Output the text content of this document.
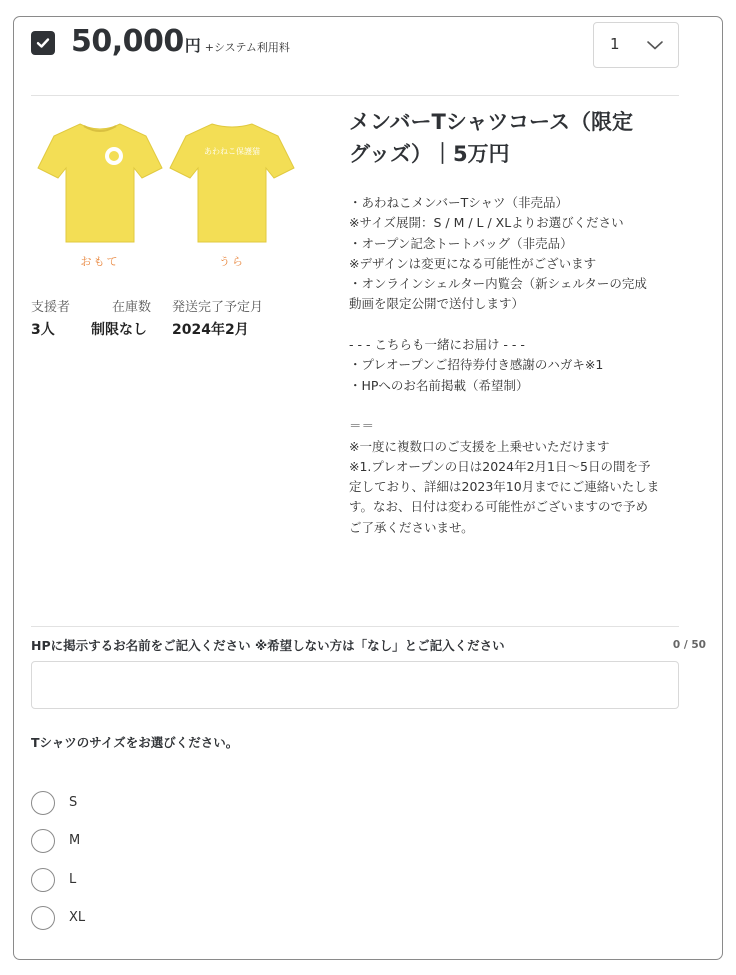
50,000円 +システム利用料	1
おもて
あわねこ保護猫
うら
支援者
3人
在庫数
制限なし
発送完了予定月
2024年2月
メンバーTシャツコース（限定
グッズ）｜5万円
・あわねこメンバーTシャツ（非売品）
※サイズ展開：S / M / L / XLよりお選びください
・オープン記念トートバッグ（非売品）
※デザインは変更になる可能性がございます
・オンラインシェルター内覧会（新シェルターの完成
動画を限定公開で送付します）
- - - こちらも一緒にお届け - - -
・プレオープンご招待券付き感謝のハガキ※1
・HPへのお名前掲載（希望制）
＝＝
※一度に複数口のご支援を上乗せいただけます
※1.プレオープンの日は2024年2月1日〜5日の間を予
定しており、詳細は2023年10月までにご連絡いたしま
す。なお、日付は変わる可能性がございますので予め
ご了承くださいませ。
HPに掲示するお名前をご記入ください ※希望しない方は「なし」とご記入ください	0 / 50
Tシャツのサイズをお選びください。
S
M
L
XL
